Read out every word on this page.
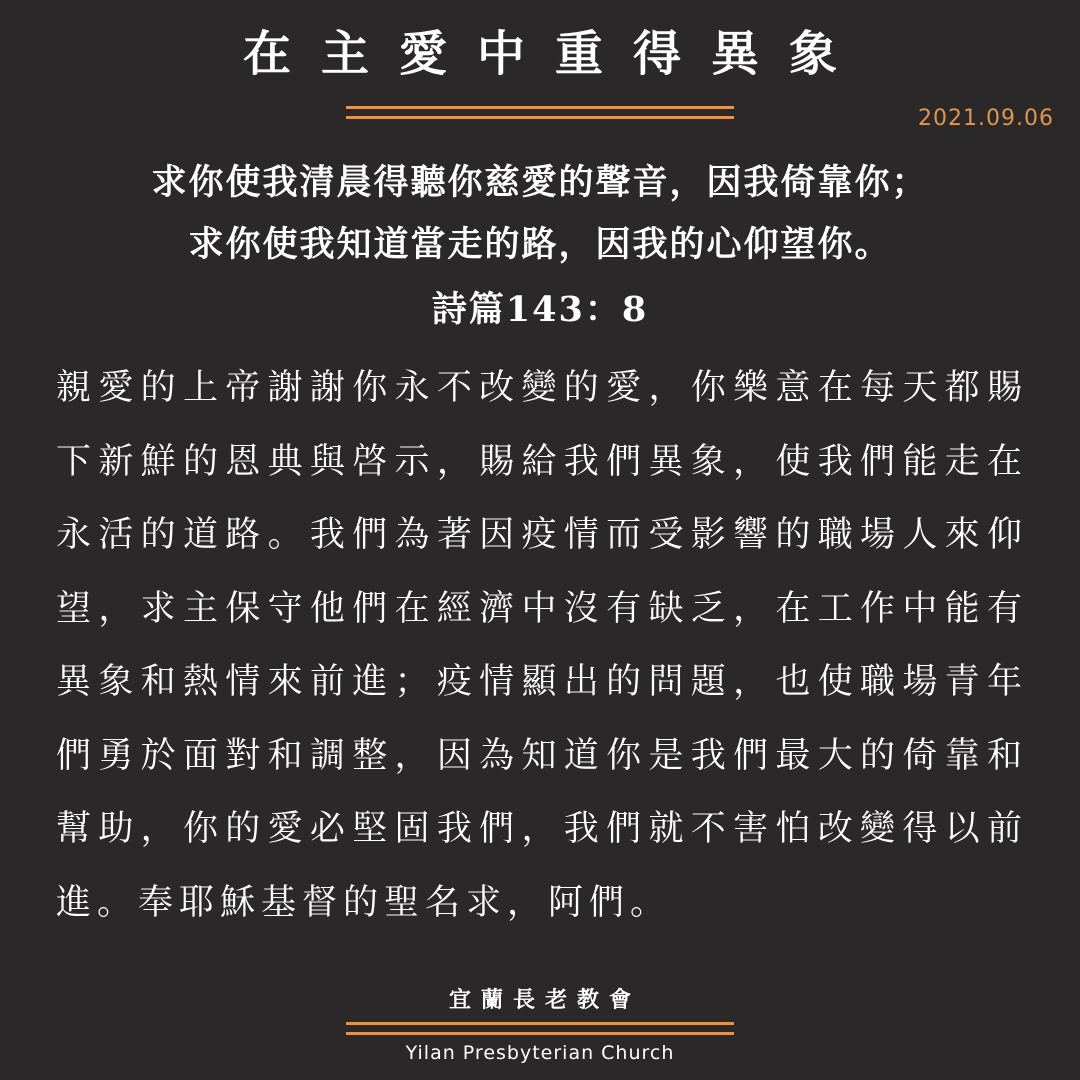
在主愛中重得異象
2021.09.06
求你使我清晨得聽你慈愛的聲音，因我倚靠你；
求你使我知道當走的路，因我的心仰望你。
詩篇143：8
親愛的上帝謝謝你永不改變的愛，你樂意在每天都賜下新鮮的恩典與啓示，賜給我們異象，使我們能走在永活的道路。我們為著因疫情而受影響的職場人來仰望，求主保守他們在經濟中沒有缺乏，在工作中能有異象和熱情來前進；疫情顯出的問題，也使職場青年們勇於面對和調整，因為知道你是我們最大的倚靠和幫助，你的愛必堅固我們，我們就不害怕改變得以前進。奉耶穌基督的聖名求，阿們。
宜蘭長老教會
Yilan Presbyterian Church
